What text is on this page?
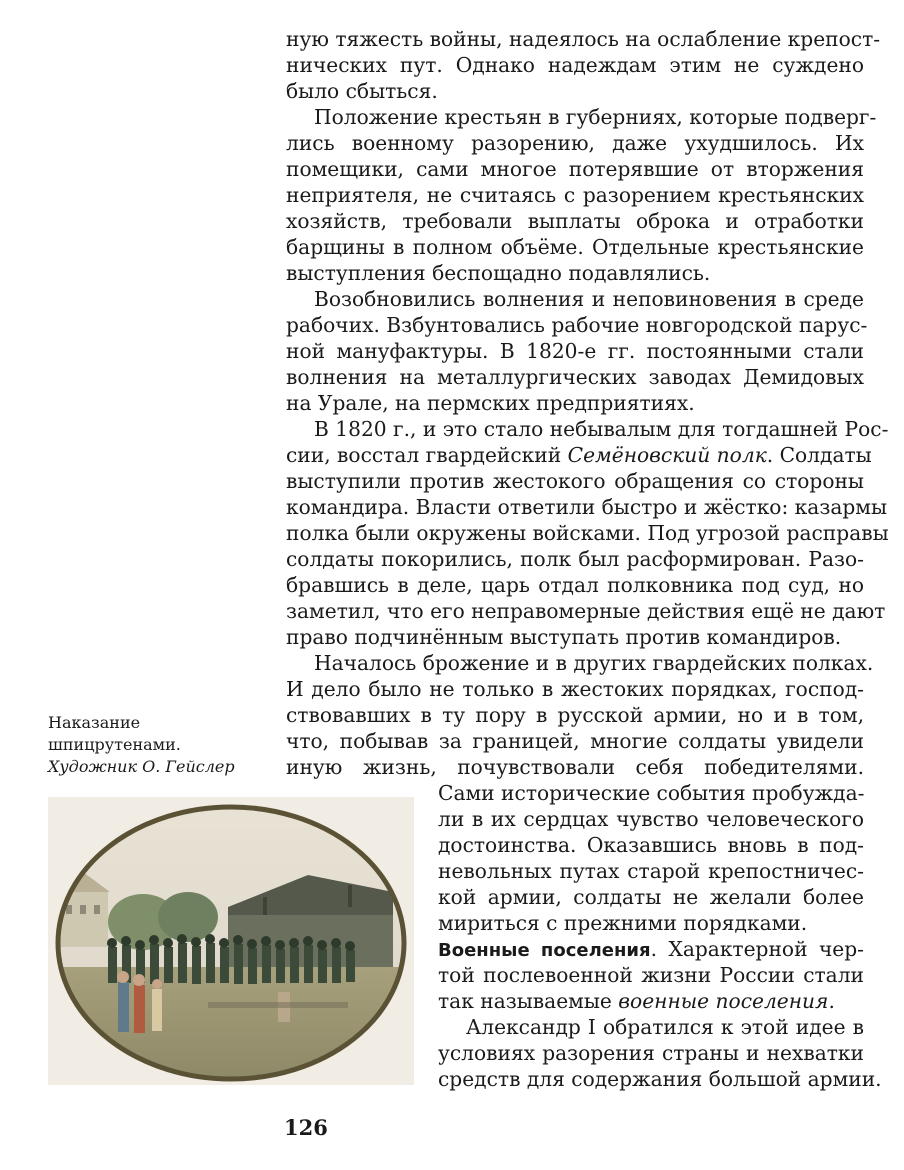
ную тяжесть войны, надеялось на ослабление крепост-
нических пут. Однако надеждам этим не суждено
было сбыться.
Положение крестьян в губерниях, которые подверг-
лись военному разорению, даже ухудшилось. Их
помещики, сами многое потерявшие от вторжения
неприятеля, не считаясь с разорением крестьянских
хозяйств, требовали выплаты оброка и отработки
барщины в полном объёме. Отдельные крестьянские
выступления беспощадно подавлялись.
Возобновились волнения и неповиновения в среде
рабочих. Взбунтовались рабочие новгородской парус-
ной мануфактуры. В 1820-е гг. постоянными стали
волнения на металлургических заводах Демидовых
на Урале, на пермских предприятиях.
В 1820 г., и это стало небывалым для тогдашней Рос-
сии, восстал гвардейский Семёновский полк. Солдаты
выступили против жестокого обращения со стороны
командира. Власти ответили быстро и жёстко: казармы
полка были окружены войсками. Под угрозой расправы
солдаты покорились, полк был расформирован. Разо-
бравшись в деле, царь отдал полковника под суд, но
заметил, что его неправомерные действия ещё не дают
право подчинённым выступать против командиров.
Началось брожение и в других гвардейских полках.
И дело было не только в жестоких порядках, господ-
ствовавших в ту пору в русской армии, но и в том,
что, побывав за границей, многие солдаты увидели
иную жизнь, почувствовали себя победителями.
Сами исторические события пробужда-
ли в их сердцах чувство человеческого
достоинства. Оказавшись вновь в под-
невольных путах старой крепостничес-
кой армии, солдаты не желали более
мириться с прежними порядками.
Военные поселения. Характерной чер-
той послевоенной жизни России стали
так называемые военные поселения.
Александр I обратился к этой идее в
условиях разорения страны и нехватки
средств для содержания большой армии.
Наказание
шпицрутенами.
Художник О. Гейслер
126
